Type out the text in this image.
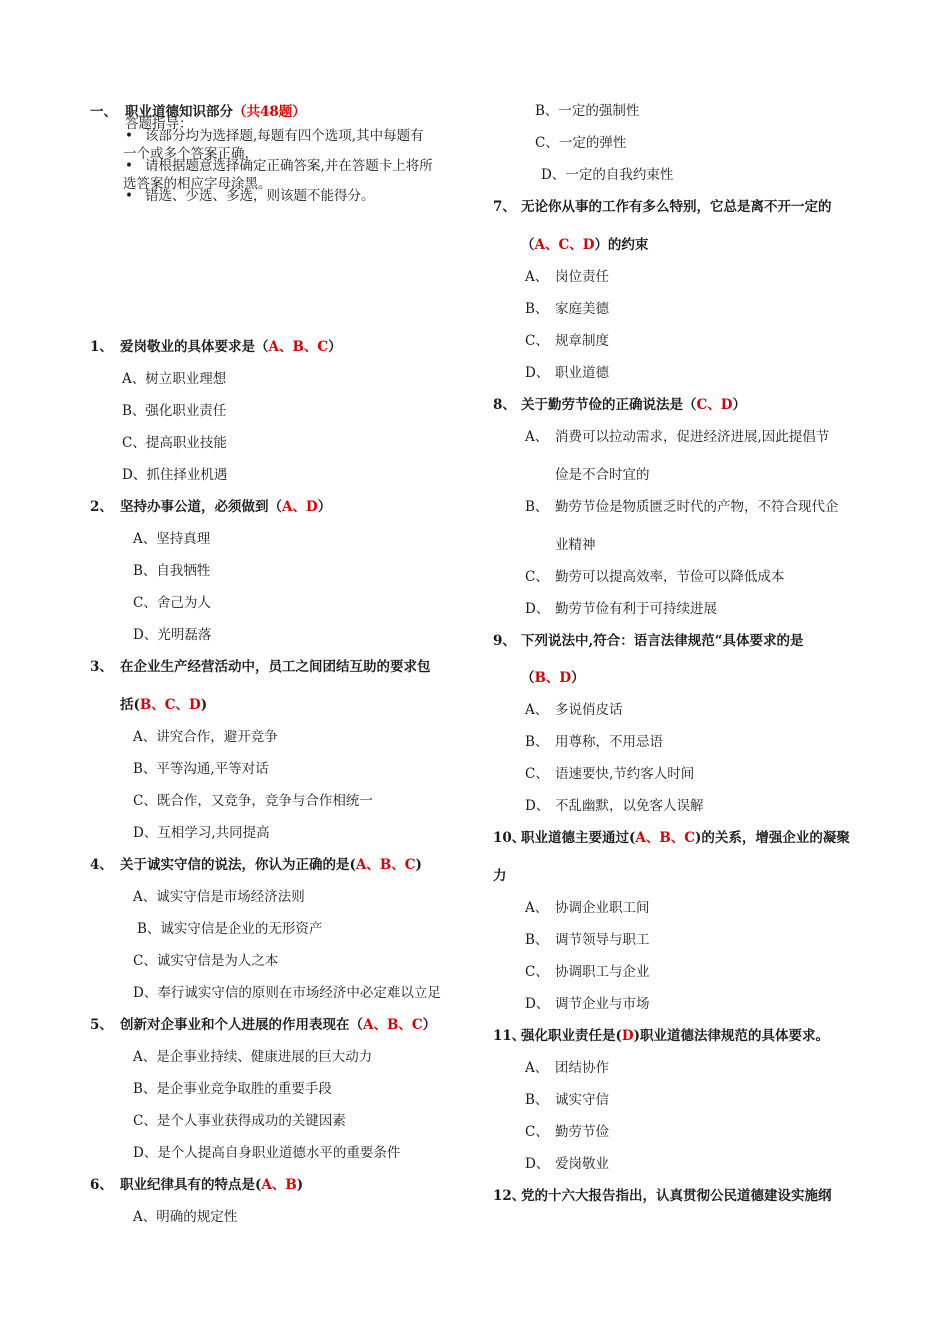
一、 职业道德知识部分（共48题）
答题指导：
• 该部分均为选择题,每题有四个选项,其中每题有
一个或多个答案正确.
• 请根据题意选择确定正确答案,并在答题卡上将所
选答案的相应字母涂黑。
• 错选、少选、多选，则该题不能得分。
1、 爱岗敬业的具体要求是（A、B、C）
A、树立职业理想
B、强化职业责任
C、提高职业技能
D、抓住择业机遇
2、 坚持办事公道，必须做到（A、D）
A、坚持真理
B、自我牺牲
C、舍己为人
D、光明磊落
3、 在企业生产经营活动中，员工之间团结互助的要求包
括(B、C、D)
A、讲究合作，避开竞争
B、平等沟通,平等对话
C、既合作，又竞争，竞争与合作相统一
D、互相学习,共同提高
4、 关于诚实守信的说法，你认为正确的是(A、B、C)
A、诚实守信是市场经济法则
B、诚实守信是企业的无形资产
C、诚实守信是为人之本
D、奉行诚实守信的原则在市场经济中必定难以立足
5、 创新对企事业和个人进展的作用表现在（A、B、C）
A、是企事业持续、健康进展的巨大动力
B、是企事业竞争取胜的重要手段
C、是个人事业获得成功的关键因素
D、是个人提高自身职业道德水平的重要条件
6、 职业纪律具有的特点是(A、B)
A、明确的规定性
B、一定的强制性
C、一定的弹性
D、一定的自我约束性
7、 无论你从事的工作有多么特别，它总是离不开一定的
（A、C、D）的约束
A、 岗位责任
B、 家庭美德
C、 规章制度
D、 职业道德
8、 关于勤劳节俭的正确说法是（C、D）
A、 消费可以拉动需求，促进经济进展,因此提倡节
俭是不合时宜的
B、 勤劳节俭是物质匮乏时代的产物，不符合现代企
业精神
C、 勤劳可以提高效率，节俭可以降低成本
D、 勤劳节俭有利于可持续进展
9、 下列说法中,符合：语言法律规范“具体要求的是
（B、D）
A、 多说俏皮话
B、 用尊称，不用忌语
C、 语速要快,节约客人时间
D、 不乱幽默，以免客人误解
10、职业道德主要通过(A、B、C)的关系，增强企业的凝聚
力
A、 协调企业职工间
B、 调节领导与职工
C、 协调职工与企业
D、 调节企业与市场
11、强化职业责任是(D)职业道德法律规范的具体要求。
A、 团结协作
B、 诚实守信
C、 勤劳节俭
D、 爱岗敬业
12、党的十六大报告指出，认真贯彻公民道德建设实施纲
